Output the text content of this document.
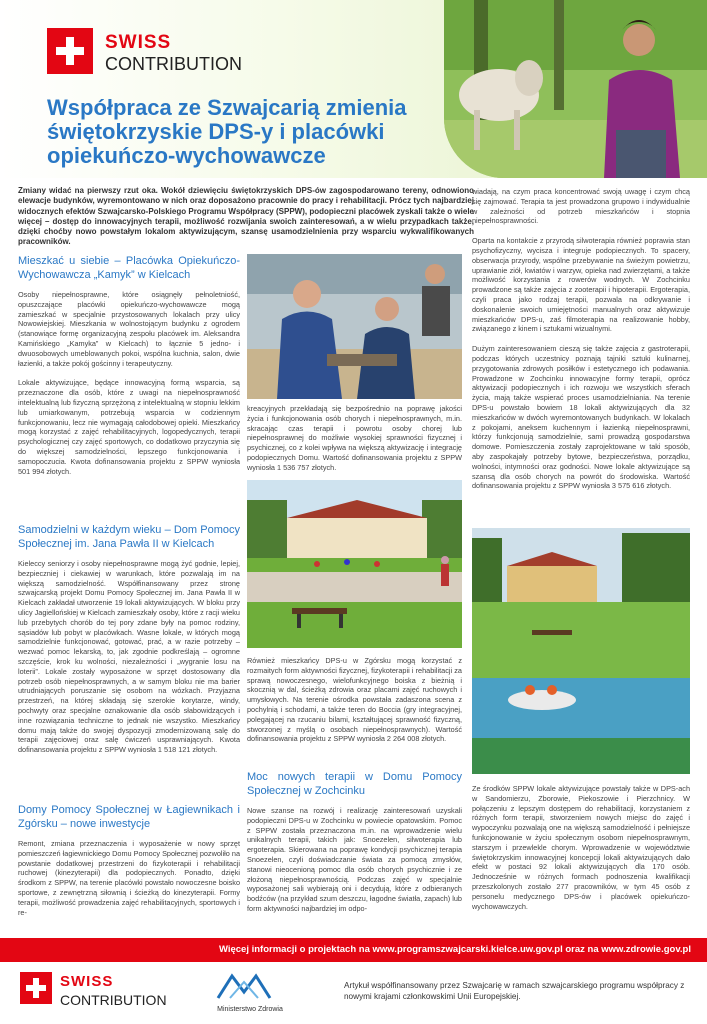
SWISS
CONTRIBUTION
Współpraca ze Szwajcarią zmienia świętokrzyskie DPS-y i placówki opiekuńczo-wychowawcze
Zmiany widać na pierwszy rzut oka. Wokół dziewięciu świętokrzyskich DPS-ów zagospodarowano tereny, odnowiono elewacje budynków, wyremontowano w nich oraz doposażono pracownie do pracy i rehabilitacji. Prócz tych najbardziej widocznych efektów Szwajcarsko-Polskiego Programu Współpracy (SPPW), podopieczni placówek zyskali także o wiele więcej – dostęp do innowacyjnych terapii, możliwość rozwijania swoich zainteresowań, a w wielu przypadkach także, dzięki choćby nowo powstałym lokalom aktywizującym, szansę usamodzielnienia przy wsparciu wykwalifikowanych pracowników.
Mieszkać u siebie – Placówka Opiekuńczo-Wychowawcza „Kamyk” w Kielcach

Osoby niepełnosprawne, które osiągnęły pełnoletniość, opuszczające placówki opiekuńczo-wychowawcze mogą zamieszkać w specjalnie przystosowanych lokalach przy ulicy Nowowiejskiej. Mieszkania w wolnostojącym budynku z ogrodem (stanowiące formę organizacyjną zespołu placówek im. Aleksandra Kamińskiego „Kamyka” w Kielcach) to łącznie 5 jedno- i dwuosobowych umeblowanych pokoi, wspólna kuchnia, salon, dwie łazienki, a także pokój gościnny i terapeutyczny.

Lokale aktywizujące, będące innowacyjną formą wsparcia, są przeznaczone dla osób, które z uwagi na niepełnosprawność intelektualną lub fizyczną sprzężoną z intelektualną w stopniu lekkim lub umiarkowanym, potrzebują wsparcia w codziennym funkcjonowaniu, lecz nie wymagają całodobowej opieki. Mieszkańcy mogą korzystać z zajęć rehabilitacyjnych, logopedycznych, terapii psychologicznej czy zajęć sportowych, co dodatkowo przyczynia się do większej samodzielności, lepszego funkcjonowania i samopoczucia. Kwota dofinansowania projektu z SPPW wyniosła 501 994 złotych.

kreacyjnych przekładają się bezpośrednio na poprawę jakości życia i funkcjonowania osób chorych i niepełnosprawnych, m.in. skracając czas terapii i powrotu osoby chorej lub niepełnosprawnej do możliwie wysokiej sprawności fizycznej i psychicznej, co z kolei wpływa na większą aktywizację i integrację podopiecznych Domu. Wartość dofinansowania projektu z SPPW wyniosła 1 536 757 złotych.

Samodzielni w każdym wieku – Dom Pomocy Społecznej im. Jana Pawła II w Kielcach

Kieleccy seniorzy i osoby niepełnosprawne mogą żyć godnie, lepiej, bezpieczniej i ciekawiej w warunkach, które pozwalają im na większą samodzielność. Współfinansowany przez stronę szwajcarską projekt Domu Pomocy Społecznej im. Jana Pawła II w Kielcach zakładał utworzenie 19 lokali aktywizujących. W bloku przy ulicy Jagiellońskiej w Kielcach zamieszkały osoby, które z racji wieku lub przebytych chorób do tej pory zdane były na pomoc rodziny, sąsiadów lub pobyt w placówkach. Wasne lokale, w których mogą samodzielnie funkcjonować, gotować, prać, a w razie potrzeby – wezwać pomoc lekarską, to, jak zgodnie podkreślają – ogromne szczęście, krok ku wolności, niezależności i „wygranie losu na loterii”. Lokale zostały wyposażone w sprzęt dostosowany dla potrzeb osób niepełnosprawnych, a w samym bloku nie ma barier utrudniających poruszanie się osobom na wózkach. Przyjazna przestrzeń, na której składają się szerokie korytarze, windy, pochwyty oraz specjalne oznakowanie dla osób słabowidzących i inne rozwiązania techniczne to jednak nie wszystko. Mieszkańcy domu mają także do swojej dyspozycji zmodernizowaną salę do terapii zajęciowej oraz salę ćwiczeń usprawniających. Kwota dofinansowania projektu z SPPW wyniosła 1 518 121 złotych.

Również mieszkańcy DPS-u w Zgórsku mogą korzystać z rozmaitych form aktywności fizycznej, fizykoterapii i rehabilitacji za sprawą nowoczesnego, wielofunkcyjnego boiska z bieżnią i skocznią w dal, ścieżką zdrowia oraz placami zajęć ruchowych i umysłowych. Na terenie ośrodka powstała zadaszona scena z pochylnią i schodami, a także teren do Boccia (gry integracyjnej, polegającej na rzucaniu bilami, kształtującej sprawność fizyczną, stworzonej z myślą o osobach niepełnosprawnych). Wartość dofinansowania projektu z SPPW wyniosła 2 264 008 złotych.

Domy Pomocy Społecznej w Łagiewnikach i Zgórsku – nowe inwestycje

Remont, zmiana przeznaczenia i wyposażenie w nowy sprzęt pomieszczeń łagiewnickiego Domu Pomocy Społecznej pozwoliło na powstanie dodatkowej przestrzeni do fizykoterapii i rehabilitacji ruchowej (kinezyterapii) dla podopiecznych. Ponadto, dzięki środkom z SPPW, na terenie placówki powstało nowoczesne boisko sportowe, z zewnętrzną siłownią i ścieżką do kinezyterapii. Formy terapii, możliwość prowadzenia zajęć rehabilitacyjnych, sportowych i re-

Moc nowych terapii w Domu Pomocy Społecznej w Zochcinku

Nowe szanse na rozwój i realizację zainteresowań uzyskali podopieczni DPS-u w Zochcinku w powiecie opatowskim. Pomoc z SPPW została przeznaczona m.in. na wprowadzenie wielu unikalnych terapii, takich jak: Snoezelen, silwoterapia lub ergoterapia. Skierowana na poprawę kondycji psychicznej terapia Snoezelen, czyli doświadczanie świata za pomocą zmysłów, stanowi nieocenioną pomoc dla osób chorych psychicznie i ze złożoną niepełnosprawnością. Podczas zajęć w specjalnie wyposażonej sali wybierają oni i decydują, które z odbieranych bodźców (na przykład szum deszczu, łagodne światła, zapach) lub form aktywności najbardziej im odpo-

wiadają, na czym praca koncentrować swoją uwagę i czym chcą się zajmować. Terapia ta jest prowadzona grupowo i indywidualnie w zależności od potrzeb mieszkańców i stopnia niepełnosprawności.

Oparta na kontakcie z przyrodą silwoterapia również poprawia stan psychofizyczny, wycisza i integruje podopiecznych. To spacery, obserwacja przyrody, wspólne przebywanie na świeżym powietrzu, uprawianie ziół, kwiatów i warzyw, opieka nad zwierzętami, a także możliwość korzystania z rowerów wodnych. W Zochcinku prowadzone są także zajęcia z zooterapii i hipoterapii. Ergoterapia, czyli praca jako rodzaj terapii, pozwala na odkrywanie i doskonalenie swoich umiejętności manualnych oraz aktywizuje mieszkańców DPS-u, zaś filmoterapia na realizowanie hobby, związanego z kinem i sztukami wizualnymi.

Dużym zainteresowaniem cieszą się także zajęcia z gastroterapii, podczas których uczestnicy poznają tajniki sztuki kulinarnej, przygotowania zdrowych posiłków i estetycznego ich podawania. Prowadzone w Zochcinku innowacyjne formy terapii, oprócz aktywizacji podopiecznych i ich rozwoju we wszystkich sferach życia, mają także wspierać proces usamodzielniania. Na terenie DPS-u powstało bowiem 18 lokali aktywizujących dla 32 mieszkańców w dwóch wyremontowanych budynkach. W lokalach z pokojami, aneksem kuchennym i łazienką niepełnosprawni, którzy funkcjonują samodzielnie, sami prowadzą gospodarstwa domowe. Pomieszczenia zostały zaprojektowane w taki sposób, aby zaspokajały potrzeby bytowe, bezpieczeństwa, porządku, wolności, intymności oraz godności. Nowe lokale aktywizujące są szansą dla osób chorych na powrót do środowiska. Wartość dofinansowania projektu z SPPW wyniosła 3 575 616 złotych.

Ze środków SPPW lokale aktywizujące powstały także w DPS-ach w Sandomierzu, Zborowie, Piekoszowie i Pierzchnicy. W połączeniu z lepszym dostępem do rehabilitacji, korzystaniem z różnych form terapii, stworzeniem nowych miejsc do zajęć i wypoczynku pozwalają one na większą samodzielność i pełniejsze funkcjonowanie w życiu społecznym osobom niepełnosprawnym, starszym i przewlekle chorym. Wprowadzenie w województwie świętokrzyskim innowacyjnej koncepcji lokali aktywizujących dało efekt w postaci 92 lokali aktywizujących dla 170 osób. Jednocześnie w różnych formach podnoszenia kwalifikacji przeszkolonych zostało 277 pracowników, w tym 45 osób z personelu medycznego DPS-ów i placówek opiekuńczo-wychowawczych.

Więcej informacji o projektach na www.programszwajcarski.kielce.uw.gov.pl oraz na www.zdrowie.gov.pl
SWISS
CONTRIBUTION
Ministerstwo Zdrowia
Artykuł współfinansowany przez Szwajcarię w ramach szwajcarskiego programu współpracy z nowymi krajami członkowskimi Unii Europejskiej.
